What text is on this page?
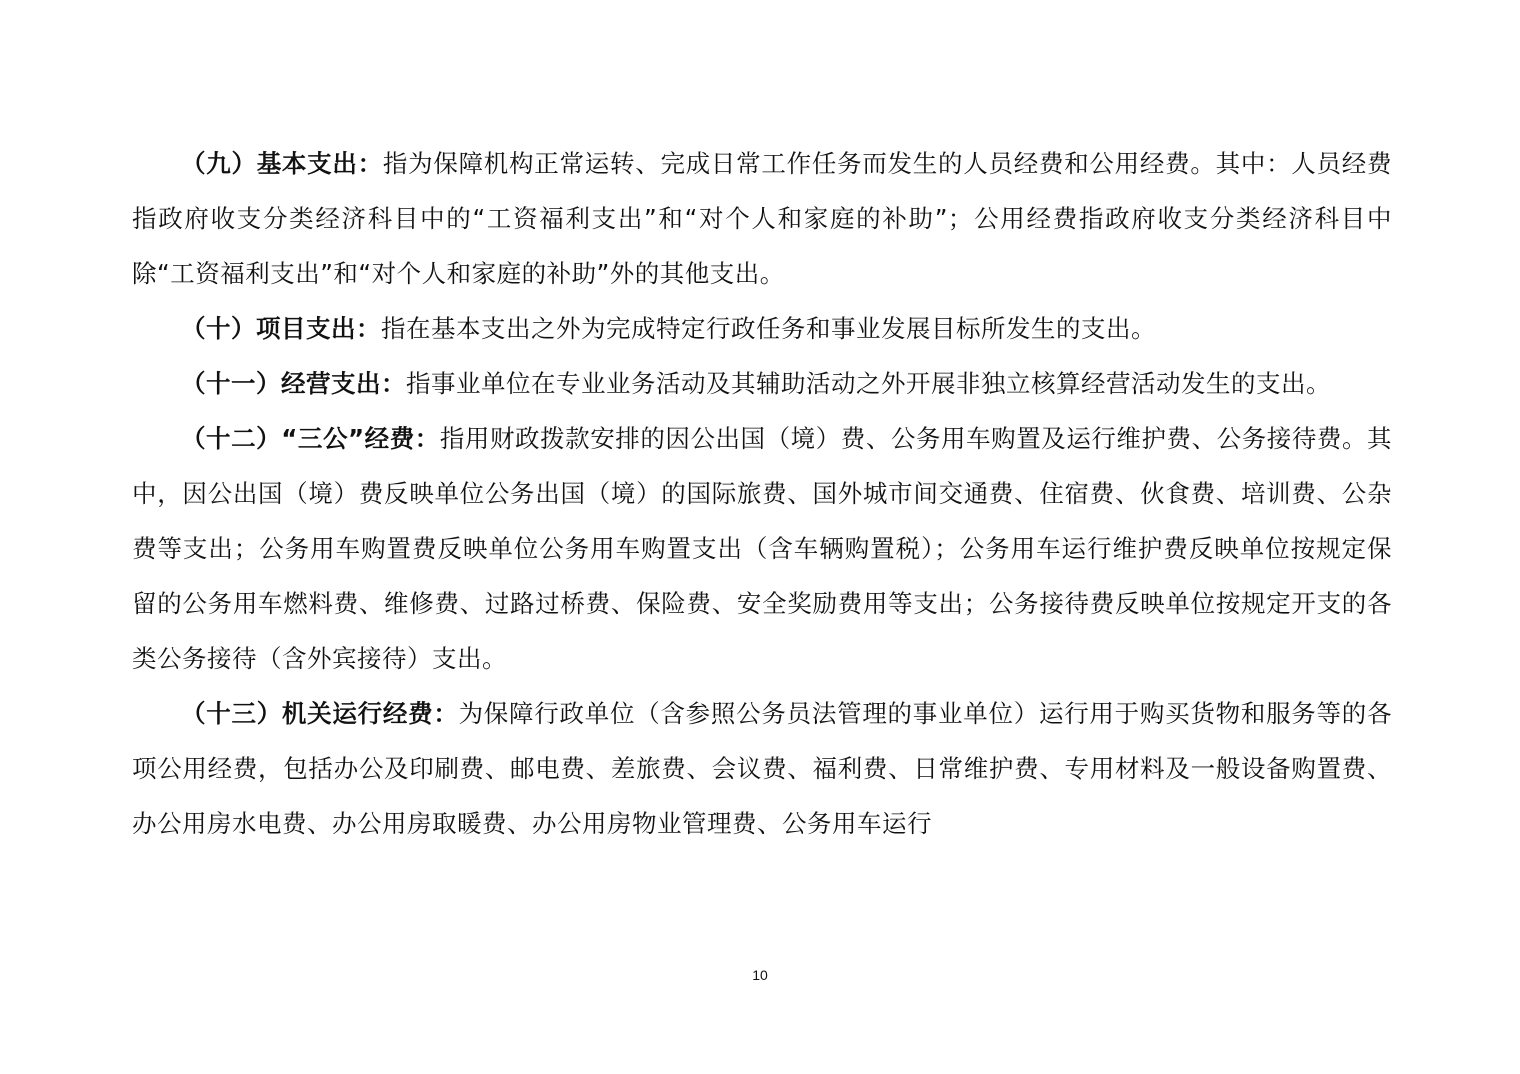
（九）基本支出：指为保障机构正常运转、完成日常工作任务而发生的人员经费和公用经费。其中：人员经费指政府收支分类经济科目中的“工资福利支出”和“对个人和家庭的补助”；公用经费指政府收支分类经济科目中除“工资福利支出”和“对个人和家庭的补助”外的其他支出。

（十）项目支出：指在基本支出之外为完成特定行政任务和事业发展目标所发生的支出。

（十一）经营支出：指事业单位在专业业务活动及其辅助活动之外开展非独立核算经营活动发生的支出。

（十二）“三公”经费：指用财政拨款安排的因公出国（境）费、公务用车购置及运行维护费、公务接待费。其中，因公出国（境）费反映单位公务出国（境）的国际旅费、国外城市间交通费、住宿费、伙食费、培训费、公杂费等支出；公务用车购置费反映单位公务用车购置支出（含车辆购置税）；公务用车运行维护费反映单位按规定保留的公务用车燃料费、维修费、过路过桥费、保险费、安全奖励费用等支出；公务接待费反映单位按规定开支的各类公务接待（含外宾接待）支出。

（十三）机关运行经费：为保障行政单位（含参照公务员法管理的事业单位）运行用于购买货物和服务等的各项公用经费，包括办公及印刷费、邮电费、差旅费、会议费、福利费、日常维护费、专用材料及一般设备购置费、办公用房水电费、办公用房取暖费、办公用房物业管理费、公务用车运行

10
